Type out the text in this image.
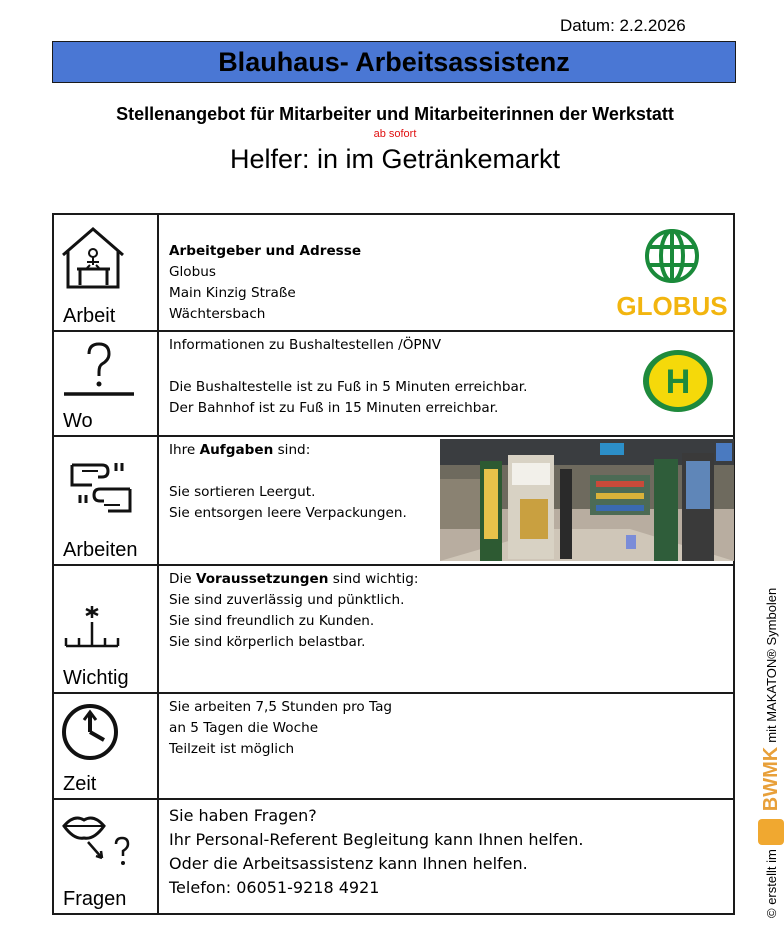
Datum: 2.2.2026
Blauhaus- Arbeitsassistenz
Stellenangebot für Mitarbeiter und Mitarbeiterinnen der Werkstatt
ab sofort
Helfer: in im Getränkemarkt
Arbeit
Arbeitgeber und Adresse
Globus
Main Kinzig Straße
Wächtersbach	GLOBUS
Wo
Informationen zu Bushaltestellen /ÖPNV
Die Bushaltestelle ist zu Fuß in 5 Minuten erreichbar.
Der Bahnhof ist zu Fuß in 15 Minuten erreichbar.
H
Arbeiten
Ihre Aufgaben sind:
Sie sortieren Leergut.
Sie entsorgen leere Verpackungen.
Wichtig
Die Voraussetzungen sind wichtig:
Sie sind zuverlässig und pünktlich.
Sie sind freundlich zu Kunden.
Sie sind körperlich belastbar.
Zeit
Sie arbeiten 7,5 Stunden pro Tag
an 5 Tagen die Woche
Teilzeit ist möglich
Fragen
Sie haben Fragen?
Ihr Personal-Referent Begleitung kann Ihnen helfen.
Oder die Arbeitsassistenz kann Ihnen helfen.
Telefon: 06051-9218 4921	© erstellt im
BWMK
mit MAKATON® Symbolen
